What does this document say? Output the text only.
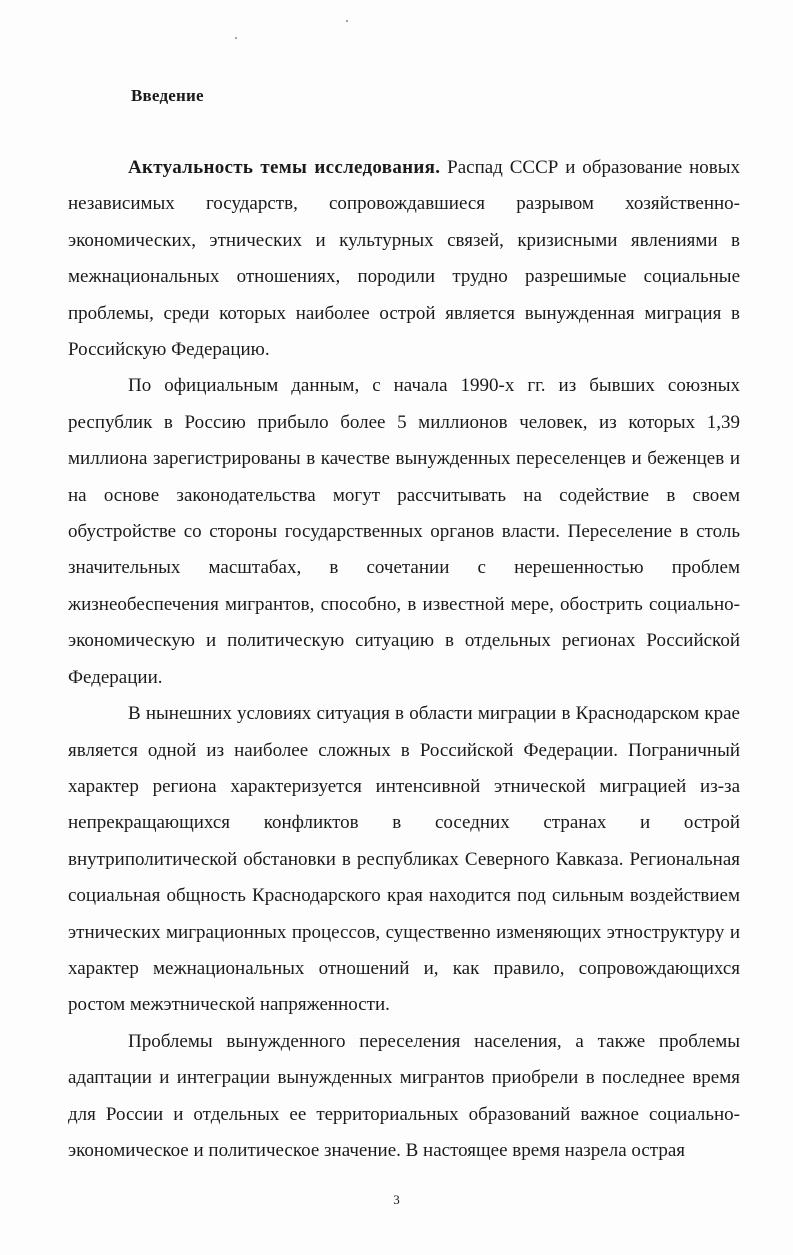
Введение

Актуальность темы исследования. Распад СССР и образование новых независимых государств, сопровождавшиеся разрывом хозяйственно-экономических, этнических и культурных связей, кризисными явлениями в межнациональных отношениях, породили трудно разрешимые социальные проблемы, среди которых наиболее острой является вынужденная миграция в Российскую Федерацию.

По официальным данным, с начала 1990-х гг. из бывших союзных республик в Россию прибыло более 5 миллионов человек, из которых 1,39 миллиона зарегистрированы в качестве вынужденных переселенцев и беженцев и на основе законодательства могут рассчитывать на содействие в своем обустройстве со стороны государственных органов власти. Переселение в столь значительных масштабах, в сочетании с нерешенностью проблем жизнеобеспечения мигрантов, способно, в известной мере, обострить социально-экономическую и политическую ситуацию в отдельных регионах Российской Федерации.

В нынешних условиях ситуация в области миграции в Краснодарском крае является одной из наиболее сложных в Российской Федерации. Пограничный характер региона характеризуется интенсивной этнической миграцией из-за непрекращающихся конфликтов в соседних странах и острой внутриполитической обстановки в республиках Северного Кавказа. Региональная социальная общность Краснодарского края находится под сильным воздействием этнических миграционных процессов, существенно изменяющих этноструктуру и характер межнациональных отношений и, как правило, сопровождающихся ростом межэтнической напряженности.

Проблемы вынужденного переселения населения, а также проблемы адаптации и интеграции вынужденных мигрантов приобрели в последнее время для России и отдельных ее территориальных образований важное социально-экономическое и политическое значение. В настоящее время назрела острая

3
